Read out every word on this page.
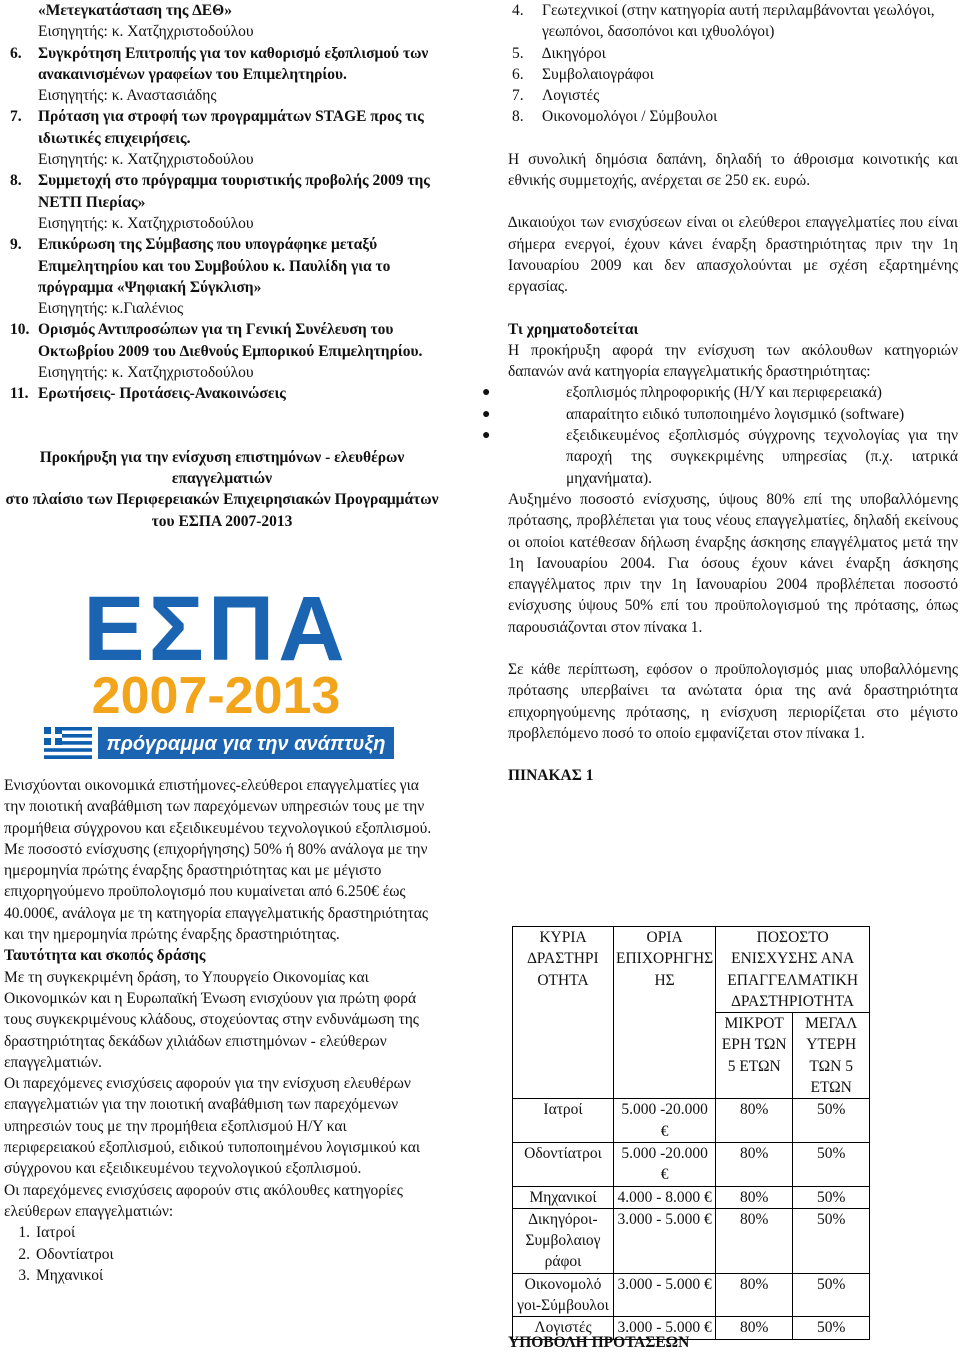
«Μετεγκατάσταση της ∆ΕΘ»

Εισηγητής: κ. Χατζηχριστοδούλου

6. Συγκρότηση Επιτροπής για τον καθορισμό εξοπλισμού των ανακαινισμένων γραφείων του Επιμελητηρίου.

Εισηγητής: κ. Αναστασιάδης

7. Πρόταση για στροφή των προγραμμάτων STAGE προς τις ιδιωτικές επιχειρήσεις.

Εισηγητής: κ. Χατζηχριστοδούλου

8. Συμμετοχή στο πρόγραμμα τουριστικής προβολής 2009 της ΝΕΤΠ Πιερίας»

Εισηγητής: κ. Χατζηχριστοδούλου

9. Επικύρωση της Σύμβασης που υπογράφηκε μεταξύ Επιμελητηρίου και του Συμβούλου κ. Παυλίδη για το πρόγραμμα «Ψηφιακή Σύγκλιση»

Εισηγητής: κ.Γιαλένιος

10. Ορισμός Αντιπροσώπων για τη Γενική Συνέλευση του Οκτωβρίου 2009 του ∆ιεθνούς Εμπορικού Επιμελητηρίου.

Εισηγητής: κ. Χατζηχριστοδούλου

11. Ερωτήσεις- Προτάσεις-Ανακοινώσεις

Προκήρυξη για την ενίσχυση επιστημόνων - ελευθέρων επαγγελματιών

στο πλαίσιο των Περιφερειακών Επιχειρησιακών Προγραμμάτων του ΕΣΠΑ 2007-2013

ΕΣΠΑ
2007-2013
πρόγραμμα για την ανάπτυξη

Ενισχύονται οικονομικά επιστήμονες-ελεύθεροι επαγγελματίες για την ποιοτική αναβάθμιση των παρεχόμενων υπηρεσιών τους με την προμήθεια σύγχρονου και εξειδικευμένου τεχνολογικού εξοπλισμού. Με ποσοστό ενίσχυσης (επιχορήγησης) 50% ή 80% ανάλογα με την ημερομηνία πρώτης έναρξης δραστηριότητας και με μέγιστο επιχορηγούμενο προϋπολογισμό που κυμαίνεται από 6.250€ έως 40.000€, ανάλογα με τη κατηγορία επαγγελματικής δραστηριότητας και την ημερομηνία πρώτης έναρξης δραστηριότητας.

Ταυτότητα και σκοπός δράσης

Με τη συγκεκριμένη δράση, το Υπουργείο Οικονομίας και Οικονομικών και η Ευρωπαϊκή Ένωση ενισχύουν για πρώτη φορά τους συγκεκριμένους κλάδους, στοχεύοντας στην ενδυνάμωση της δραστηριότητας δεκάδων χιλιάδων επιστημόνων - ελεύθερων επαγγελματιών.

Οι παρεχόμενες ενισχύσεις αφορούν για την ενίσχυση ελευθέρων επαγγελματιών για την ποιοτική αναβάθμιση των παρεχόμενων υπηρεσιών τους με την προμήθεια εξοπλισμού Η/Υ και περιφερειακού εξοπλισμού, ειδικού τυποποιημένου λογισμικού και σύγχρονου και εξειδικευμένου τεχνολογικού εξοπλισμού.

Οι παρεχόμενες ενισχύσεις αφορούν στις ακόλουθες κατηγορίες ελεύθερων επαγγελματιών:

1. Ιατροί
2. Οδοντίατροι
3. Μηχανικοί
4. Γεωτεχνικοί (στην κατηγορία αυτή περιλαμβάνονται γεωλόγοι, γεωπόνοι, δασοπόνοι και ιχθυολόγοι)
5. ∆ικηγόροι
6. Συμβολαιογράφοι
7. Λογιστές
8. Οικονομολόγοι / Σύμβουλοι

Η συνολική δημόσια δαπάνη, δηλαδή το άθροισμα κοινοτικής και εθνικής συμμετοχής, ανέρχεται σε 250 εκ. ευρώ.

∆ικαιούχοι των ενισχύσεων είναι οι ελεύθεροι επαγγελματίες που είναι σήμερα ενεργοί, έχουν κάνει έναρξη δραστηριότητας πριν την 1η Ιανουαρίου 2009 και δεν απασχολούνται με σχέση εξαρτημένης εργασίας.

Τι χρηματοδοτείται

Η προκήρυξη αφορά την ενίσχυση των ακόλουθων κατηγοριών δαπανών ανά κατηγορία επαγγελματικής δραστηριότητας:

●	εξοπλισμός πληροφορικής (Η/Υ και περιφερειακά)
●	απαραίτητο ειδικό τυποποιημένο λογισμικό (software)
●	εξειδικευμένος εξοπλισμός σύγχρονης τεχνολογίας για την παροχή της συγκεκριμένης υπηρεσίας (π.χ. ιατρικά μηχανήματα).

Αυξημένο ποσοστό ενίσχυσης, ύψους 80% επί της υποβαλλόμενης πρότασης, προβλέπεται για τους νέους επαγγελματίες, δηλαδή εκείνους οι οποίοι κατέθεσαν δήλωση έναρξης άσκησης επαγγέλματος μετά την 1η Ιανουαρίου 2004. Για όσους έχουν κάνει έναρξη άσκησης επαγγέλματος πριν την 1η Ιανουαρίου 2004 προβλέπεται ποσοστό ενίσχυσης ύψους 50% επί του προϋπολογισμού της πρότασης, όπως παρουσιάζονται στον πίνακα 1.

Σε κάθε περίπτωση, εφόσον ο προϋπολογισμός μιας υποβαλλόμενης πρότασης υπερβαίνει τα ανώτατα όρια της ανά δραστηριότητα επιχορηγούμενης πρότασης, η ενίσχυση περιορίζεται στο μέγιστο προβλεπόμενο ποσό το οποίο εμφανίζεται στον πίνακα 1.

ΠΙΝΑΚΑΣ 1

ΚΥΡΙΑ ∆ΡΑΣΤΗΡΙ ΟΤΗΤΑ	ΟΡΙΑ ΕΠΙΧΟΡΗΓΗΣ ΗΣ	ΠΟΣΟΣΤΟ ΕΝΙΣΧΥΣΗΣ ΑΝΑ ΕΠΑΓΓΕΛΜΑΤΙΚΗ ∆ΡΑΣΤΗΡΙΟΤΗΤΑ	
		ΜΙΚΡΟΤ ΕΡΗ ΤΩΝ 5 ΕΤΩΝ	ΜΕΓΑΛ ΥΤΕΡΗ ΤΩΝ 5 ΕΤΩΝ
Ιατροί	5.000 -20.000 €	80%	50%
Οδοντίατροι	5.000 -20.000 €	80%	50%
Μηχανικοί	4.000 - 8.000 €	80%	50%
∆ικηγόροι-Συμβολαιογ ράφοι	3.000 - 5.000 €	80%	50%
Οικονομολό γοι-Σύμβουλοι	3.000 - 5.000 €	80%	50%
Λογιστές	3.000 - 5.000 €	80%	50%

ΥΠΟΒΟΛΗ ΠΡΟΤΑΣΕΩΝ
